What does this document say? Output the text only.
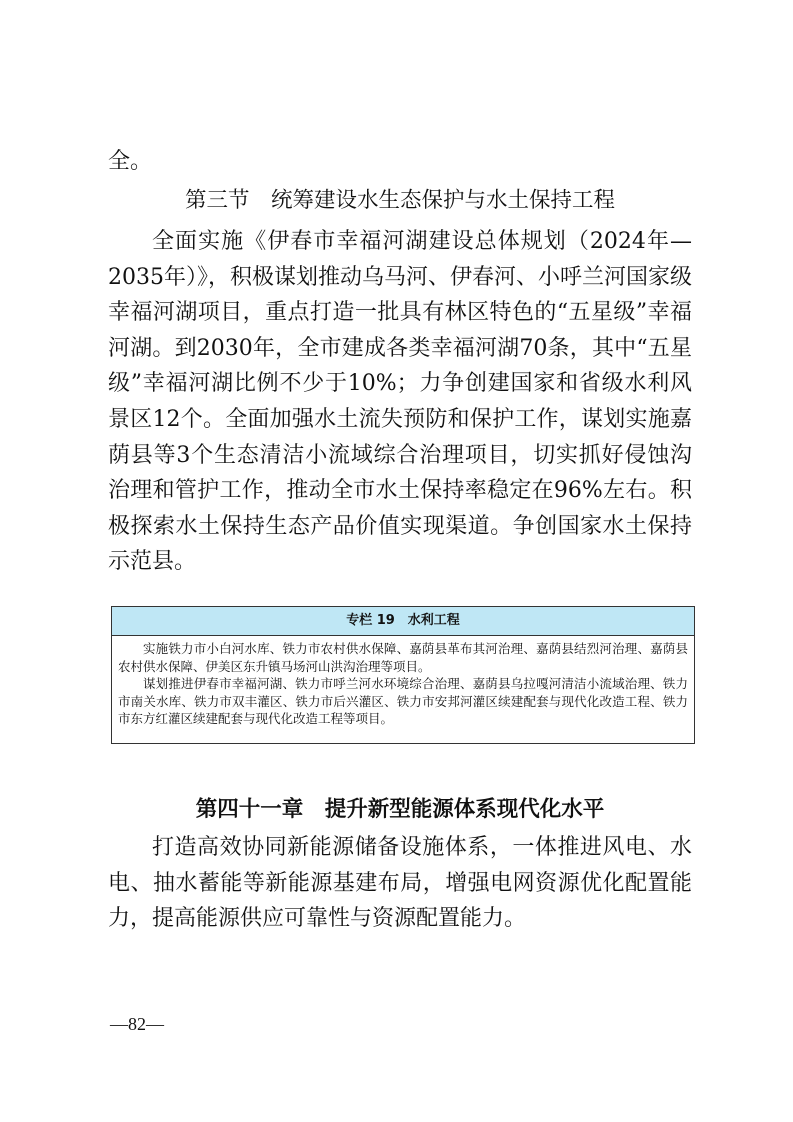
全。
第三节　统筹建设水生态保护与水土保持工程

全面实施《伊春市幸福河湖建设总体规划（2024年—2035年）》，积极谋划推动乌马河、伊春河、小呼兰河国家级幸福河湖项目，重点打造一批具有林区特色的“五星级”幸福河湖。到2030年，全市建成各类幸福河湖70条，其中“五星级”幸福河湖比例不少于10%；力争创建国家和省级水利风景区12个。全面加强水土流失预防和保护工作，谋划实施嘉荫县等3个生态清洁小流域综合治理项目，切实抓好侵蚀沟治理和管护工作，推动全市水土保持率稳定在96%左右。积极探索水土保持生态产品价值实现渠道。争创国家水土保持示范县。

专栏 19　水利工程

实施铁力市小白河水库、铁力市农村供水保障、嘉荫县革布其河治理、嘉荫县结烈河治理、嘉荫县农村供水保障、伊美区东升镇马场河山洪沟治理等项目。

谋划推进伊春市幸福河湖、铁力市呼兰河水环境综合治理、嘉荫县乌拉嘎河清洁小流域治理、铁力市南关水库、铁力市双丰灌区、铁力市后兴灌区、铁力市安邦河灌区续建配套与现代化改造工程、铁力市东方红灌区续建配套与现代化改造工程等项目。

第四十一章　提升新型能源体系现代化水平

打造高效协同新能源储备设施体系，一体推进风电、水电、抽水蓄能等新能源基建布局，增强电网资源优化配置能力，提高能源供应可靠性与资源配置能力。

—82—
